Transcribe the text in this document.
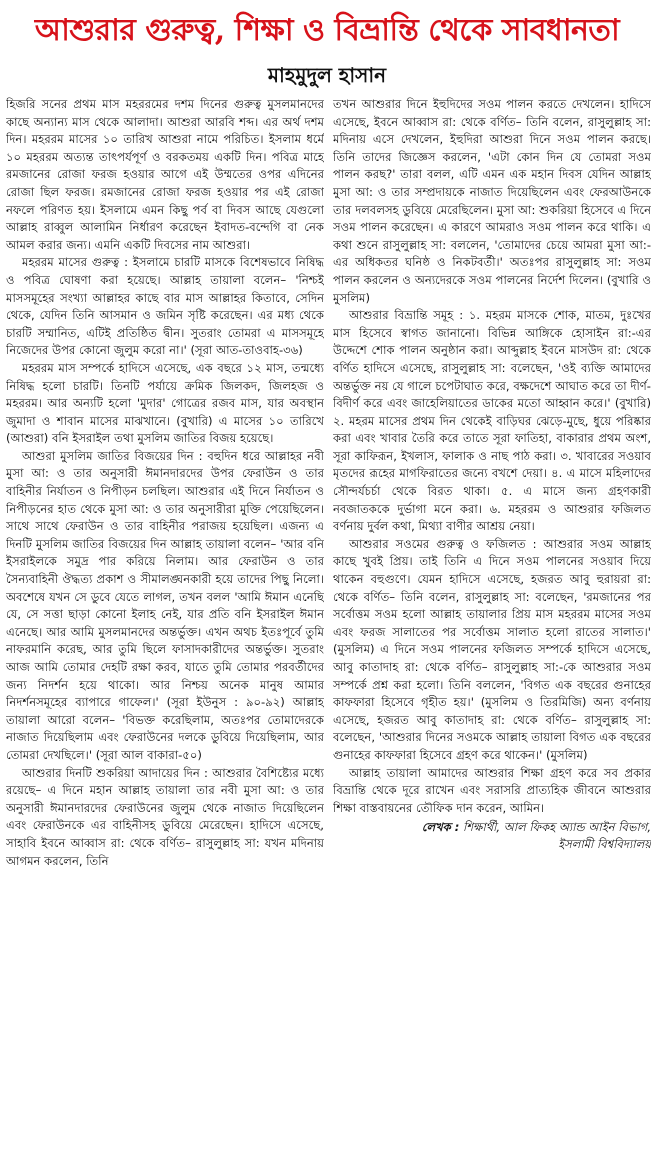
আশুরার গুরুত্ব, শিক্ষা ও বিভ্রান্তি থেকে সাবধানতা
মাহমুদুল হাসান

হিজরি সনের প্রথম মাস মহররমের দশম দিনের গুরুত্ব মুসলমানদের কাছে অন্যান্য মাস থেকে আলাদা। আশুরা আরবি শব্দ। এর অর্থ দশম দিন। মহররম মাসের ১০ তারিখ আশুরা নামে পরিচিত। ইসলাম ধর্মে ১০ মহররম অত্যন্ত তাৎপর্যপূর্ণ ও বরকতময় একটি দিন। পবিত্র মাহে রমজানের রোজা ফরজ হওয়ার আগে এই উম্মতের ওপর এদিনের রোজা ছিল ফরজ। রমজানের রোজা ফরজ হওয়ার পর এই রোজা নফলে পরিণত হয়। ইসলামে এমন কিছু পর্ব বা দিবস আছে যেগুলো আল্লাহ রাব্বুল আলামিন নির্ধারণ করেছেন ইবাদত-বন্দেগি বা নেক আমল করার জন্য। এমনি একটি দিবসের নাম আশুরা।

মহররম মাসের গুরুত্ব : ইসলামে চারটি মাসকে বিশেষভাবে নিষিদ্ধ ও পবিত্র ঘোষণা করা হয়েছে। আল্লাহ তায়ালা বলেন– 'নিশ্চই মাসসমূহের সংখ্যা আল্লাহর কাছে বার মাস আল্লাহর কিতাবে, সেদিন থেকে, যেদিন তিনি আসমান ও জমিন সৃষ্টি করেছেন। এর মধ্য থেকে চারটি সম্মানিত, এটিই প্রতিষ্ঠিত দ্বীন। সুতরাং তোমরা এ মাসসমূহে নিজেদের উপর কোনো জুলুম করো না।' (সূরা আত-তাওবাহ-৩৬)

মহররম মাস সম্পর্কে হাদিসে এসেছে, এক বছরে ১২ মাস, তন্মধ্যে নিষিদ্ধ হলো চারটি। তিনটি পর্যায়ে ক্রমিক জিলকদ, জিলহজ ও মহররম। আর অন্যটি হলো 'মুদার' গোত্রের রজব মাস, যার অবস্থান জুমাদা ও শাবান মাসের মাঝখানে। (বুখারি) এ মাসের ১০ তারিখে (আশুরা) বনি ইসরাইল তথা মুসলিম জাতির বিজয় হয়েছে।

আশুরা মুসলিম জাতির বিজয়ের দিন : বহুদিন ধরে আল্লাহর নবী মুসা আ: ও তার অনুসারী ঈমানদারদের উপর ফেরাউন ও তার বাহিনীর নির্যাতন ও নিপীড়ন চলছিল। আশুরার এই দিনে নির্যাতন ও নিপীড়নের হাত থেকে মুসা আ: ও তার অনুসারীরা মুক্তি পেয়েছিলেন। সাথে সাথে ফেরাউন ও তার বাহিনীর পরাজয় হয়েছিল। এজন্য এ দিনটি মুসলিম জাতির বিজয়ের দিন আল্লাহ তায়ালা বলেন– 'আর বনি ইসরাইলকে সমুদ্র পার করিয়ে নিলাম। আর ফেরাউন ও তার সৈন্যবাহিনী ঔদ্ধত্য প্রকাশ ও সীমালঙ্ঘনকারী হয়ে তাদের পিছু নিলো। অবশেষে যখন সে ডুবে যেতে লাগল, তখন বলল 'আমি ঈমান এনেছি যে, সে সত্তা ছাড়া কোনো ইলাহ নেই, যার প্রতি বনি ইসরাইল ঈমান এনেছে। আর আমি মুসলমানদের অন্তর্ভুক্ত। এখন অথচ ইতঃপূর্বে তুমি নাফরমানি করেছ, আর তুমি ছিলে ফাসাদকারীদের অন্তর্ভুক্ত। সুতরাং আজ আমি তোমার দেহটি রক্ষা করব, যাতে তুমি তোমার পরবর্তীদের জন্য নিদর্শন হয়ে থাকো। আর নিশ্চয় অনেক মানুষ আমার নিদর্শনসমূহের ব্যাপারে গাফেল।' (সূরা ইউনুস : ৯০-৯২) আল্লাহ তায়ালা আরো বলেন– 'বিভক্ত করেছিলাম, অতঃপর তোমাদেরকে নাজাত দিয়েছিলাম এবং ফেরাউনের দলকে ডুবিয়ে দিয়েছিলাম, আর তোমরা দেখছিলে।' (সূরা আল বাকারা-৫০)

আশুরার দিনটি শুকরিয়া আদায়ের দিন : আশুরার বৈশিষ্ট্যের মধ্যে রয়েছে– এ দিনে মহান আল্লাহ তায়ালা তার নবী মুসা আ: ও তার অনুসারী ঈমানদারদের ফেরাউনের জুলুম থেকে নাজাত দিয়েছিলেন এবং ফেরাউনকে এর বাহিনীসহ ডুবিয়ে মেরেছেন। হাদিসে এসেছে, সাহাবি ইবনে আব্বাস রা: থেকে বর্ণিত– রাসুলুল্লাহ সা: যখন মদিনায় আগমন করলেন, তিনি

তখন আশুরার দিনে ইহুদিদের সওম পালন করতে দেখলেন। হাদিসে এসেছে, ইবনে আব্বাস রা: থেকে বর্ণিত– তিনি বলেন, রাসুলুল্লাহ সা: মদিনায় এসে দেখলেন, ইহুদিরা আশুরা দিনে সওম পালন করছে। তিনি তাদের জিজ্ঞেস করলেন, 'এটা কোন দিন যে তোমরা সওম পালন করছ?' তারা বলল, এটি এমন এক মহান দিবস যেদিন আল্লাহ মুসা আ: ও তার সম্প্রদায়কে নাজাত দিয়েছিলেন এবং ফেরআউনকে তার দলবলসহ ডুবিয়ে মেরেছিলেন। মুসা আ: শুকরিয়া হিসেবে এ দিনে সওম পালন করেছেন। এ কারণে আমরাও সওম পালন করে থাকি। এ কথা শুনে রাসুলুল্লাহ সা: বললেন, 'তোমাদের চেয়ে আমরা মুসা আ:-এর অধিকতর ঘনিষ্ঠ ও নিকটবর্তী।' অতঃপর রাসুলুল্লাহ সা: সওম পালন করলেন ও অন্যদেরকে সওম পালনের নির্দেশ দিলেন। (বুখারি ও মুসলিম)

আশুরার বিভ্রান্তি সমূহ : ১. মহরম মাসকে শোক, মাতম, দুঃখের মাস হিসেবে স্বাগত জানানো। বিভিন্ন আঙ্গিকে হোসাইন রা:-এর উদ্দেশে শোক পালন অনুষ্ঠান করা। আব্দুল্লাহ ইবনে মাসউদ রা: থেকে বর্ণিত হাদিসে এসেছে, রাসুলুল্লাহ সা: বলেছেন, 'ওই ব্যক্তি আমাদের অন্তর্ভুক্ত নয় যে গালে চপেটাঘাত করে, বক্ষদেশে আঘাত করে তা দীর্ণ-বিদীর্ণ করে এবং জাহেলিয়াতের ডাকের মতো আহ্বান করে।' (বুখারি) ২. মহরম মাসের প্রথম দিন থেকেই বাড়িঘর ঝেড়ে-মুছে, ধুয়ে পরিষ্কার করা এবং খাবার তৈরি করে তাতে সূরা ফাতিহা, বাকারার প্রথম অংশ, সূরা কাফিরূন, ইখলাস, ফালাক ও নাছ পাঠ করা। ৩. খাবারের সওয়াব মৃতদের রূহের মাগফিরাতের জন্যে বখশে দেয়া। ৪. এ মাসে মহিলাদের সৌন্দর্যচর্চা থেকে বিরত থাকা। ৫. এ মাসে জন্য গ্রহণকারী নবজাতককে দুর্ভাগা মনে করা। ৬. মহররম ও আশুরার ফজিলত বর্ণনায় দুর্বল কথা, মিথ্যা বাণীর আশ্রয় নেয়া।

আশুরার সওমের গুরুত্ব ও ফজিলত : আশুরার সওম আল্লাহ কাছে খুবই প্রিয়। তাই তিনি এ দিনে সওম পালনের সওয়াব দিয়ে থাকেন বহুগুণে। যেমন হাদিসে এসেছে, হজরত আবু হুরায়রা রা: থেকে বর্ণিত– তিনি বলেন, রাসুলুল্লাহ সা: বলেছেন, 'রমজানের পর সর্বোত্তম সওম হলো আল্লাহ তায়ালার প্রিয় মাস মহররম মাসের সওম এবং ফরজ সালাতের পর সর্বোত্তম সালাত হলো রাতের সালাত।' (মুসলিম) এ দিনে সওম পালনের ফজিলত সম্পর্কে হাদিসে এসেছে, আবু কাতাদাহ রা: থেকে বর্ণিত– রাসুলুল্লাহ সা:-কে আশুরার সওম সম্পর্কে প্রশ্ন করা হলো। তিনি বললেন, 'বিগত এক বছরের গুনাহের কাফফারা হিসেবে গৃহীত হয়।' (মুসলিম ও তিরমিজি) অন্য বর্ণনায় এসেছে, হজরত আবু কাতাদাহ রা: থেকে বর্ণিত– রাসুলুল্লাহ সা: বলেছেন, 'আশুরার দিনের সওমকে আল্লাহ তায়ালা বিগত এক বছরের গুনাহের কাফফারা হিসেবে গ্রহণ করে থাকেন।' (মুসলিম)

আল্লাহ তায়ালা আমাদের আশুরার শিক্ষা গ্রহণ করে সব প্রকার বিভ্রান্তি থেকে দূরে রাখেন এবং সরাসরি প্রাত্যহিক জীবনে আশুরার শিক্ষা বাস্তবায়নের তৌফিক দান করেন, আমিন।

লেখক : শিক্ষার্থী, আল ফিকহ অ্যান্ড আইন বিভাগ,
ইসলামী বিশ্ববিদ্যালয়
